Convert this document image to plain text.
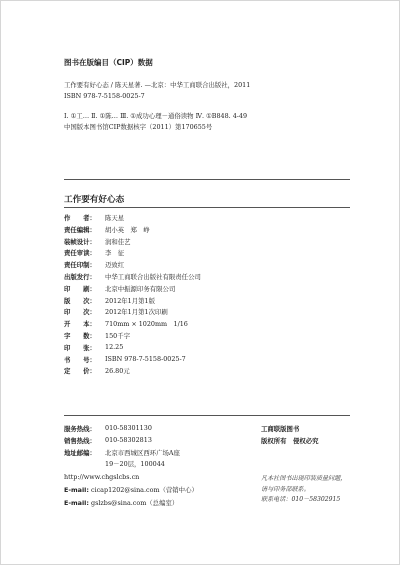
图书在版编目（CIP）数据
工作要有好心态 / 陈天星著. —北京：中华工商联合出版社，2011
ISBN 978-7-5158-0025-7
Ⅰ. ①工… Ⅱ. ①陈… Ⅲ. ①成功心理－通俗读物 Ⅳ. ①B848. 4-49
中国版本图书馆CIP数据核字（2011）第170655号
工作要有好心态
作　　者：	陈天星
责任编辑：	胡小英　郑　峥
装帧设计：	润和佳艺
责任审读：	李　征
责任印制：	迈致红
出版发行：	中华工商联合出版社有限责任公司
印　　刷：	北京中振源印务有限公司
版　　次：	2012年1月第1版
印　　次：	2012年1月第1次印刷
开　　本：	710mm × 1020mm　1/16
字　　数：	150千字
印　　张：	12.25
书　　号：	ISBN 978-7-5158-0025-7
定　　价：	26.80元
服务热线： 010-58301130
销售热线： 010-58302813
地址邮编： 北京市西城区西环广场A座
19－20层，100044
http://www.chgslcbs.cn
E-mail: cicap1202@sina.com（营销中心）
E-mail: gslzbs@sina.com（总编室）
工商联版图书
版权所有　侵权必究
凡本社图书出现印装质量问题，
请与印务部联系。
联系电话：010－58302915
